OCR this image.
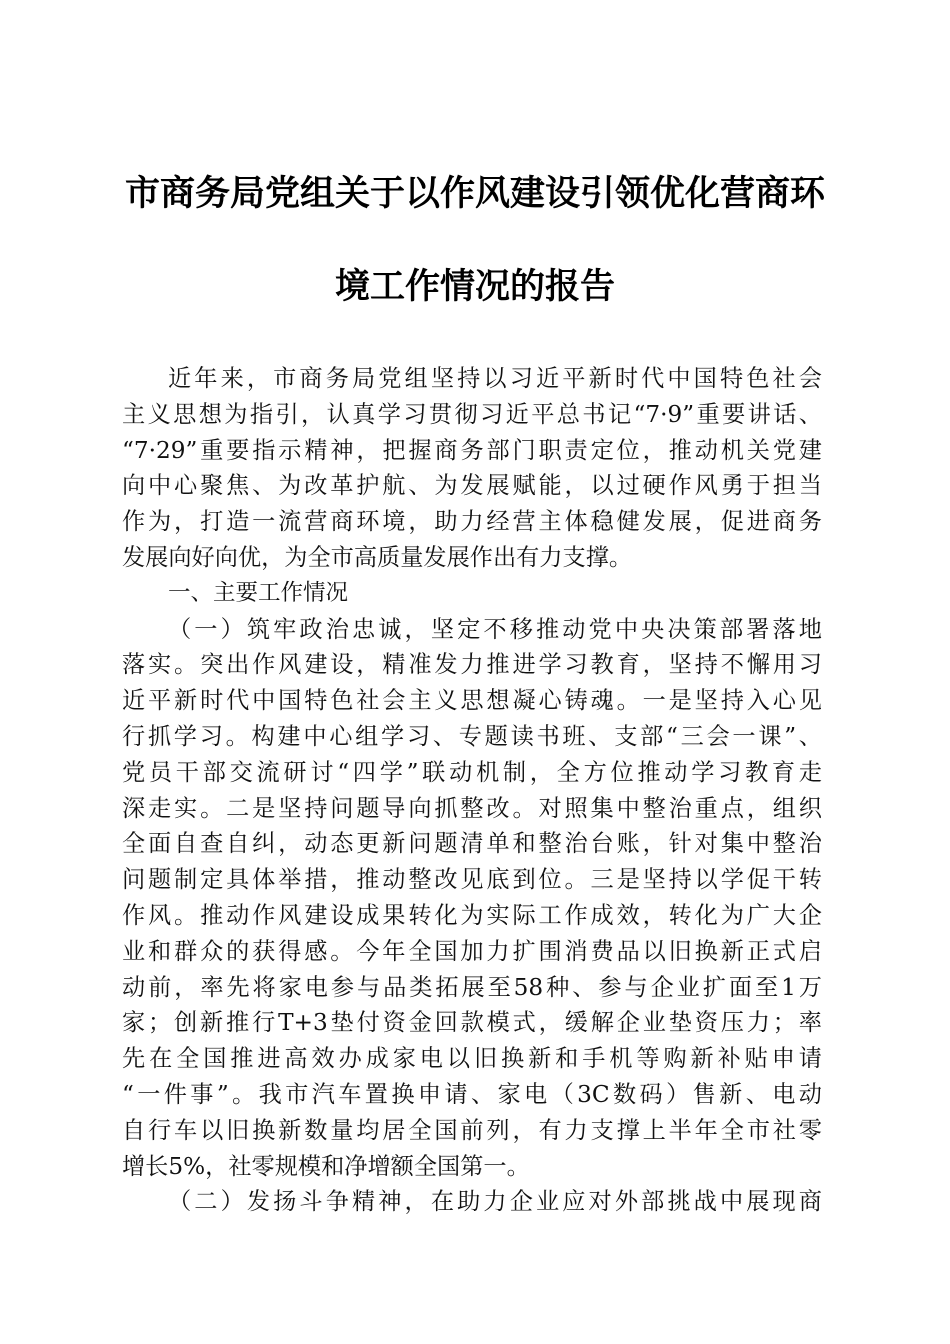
市商务局党组关于以作风建设引领优化营商环
境工作情况的报告
近年来，市商务局党组坚持以习近平新时代中国特色社会
主义思想为指引，认真学习贯彻习近平总书记“7·9”重要讲话、
“7·29”重要指示精神，把握商务部门职责定位，推动机关党建
向中心聚焦、为改革护航、为发展赋能，以过硬作风勇于担当
作为，打造一流营商环境，助力经营主体稳健发展，促进商务
发展向好向优，为全市高质量发展作出有力支撑。
一、主要工作情况
（一）筑牢政治忠诚，坚定不移推动党中央决策部署落地
落实。突出作风建设，精准发力推进学习教育，坚持不懈用习
近平新时代中国特色社会主义思想凝心铸魂。一是坚持入心见
行抓学习。构建中心组学习、专题读书班、支部“三会一课”、
党员干部交流研讨“四学”联动机制，全方位推动学习教育走
深走实。二是坚持问题导向抓整改。对照集中整治重点，组织
全面自查自纠，动态更新问题清单和整治台账，针对集中整治
问题制定具体举措，推动整改见底到位。三是坚持以学促干转
作风。推动作风建设成果转化为实际工作成效，转化为广大企
业和群众的获得感。今年全国加力扩围消费品以旧换新正式启
动前，率先将家电参与品类拓展至58种、参与企业扩面至1万
家；创新推行T+3垫付资金回款模式，缓解企业垫资压力；率
先在全国推进高效办成家电以旧换新和手机等购新补贴申请
“一件事”。我市汽车置换申请、家电（3C数码）售新、电动
自行车以旧换新数量均居全国前列，有力支撑上半年全市社零
增长5%，社零规模和净增额全国第一。
（二）发扬斗争精神，在助力企业应对外部挑战中展现商
